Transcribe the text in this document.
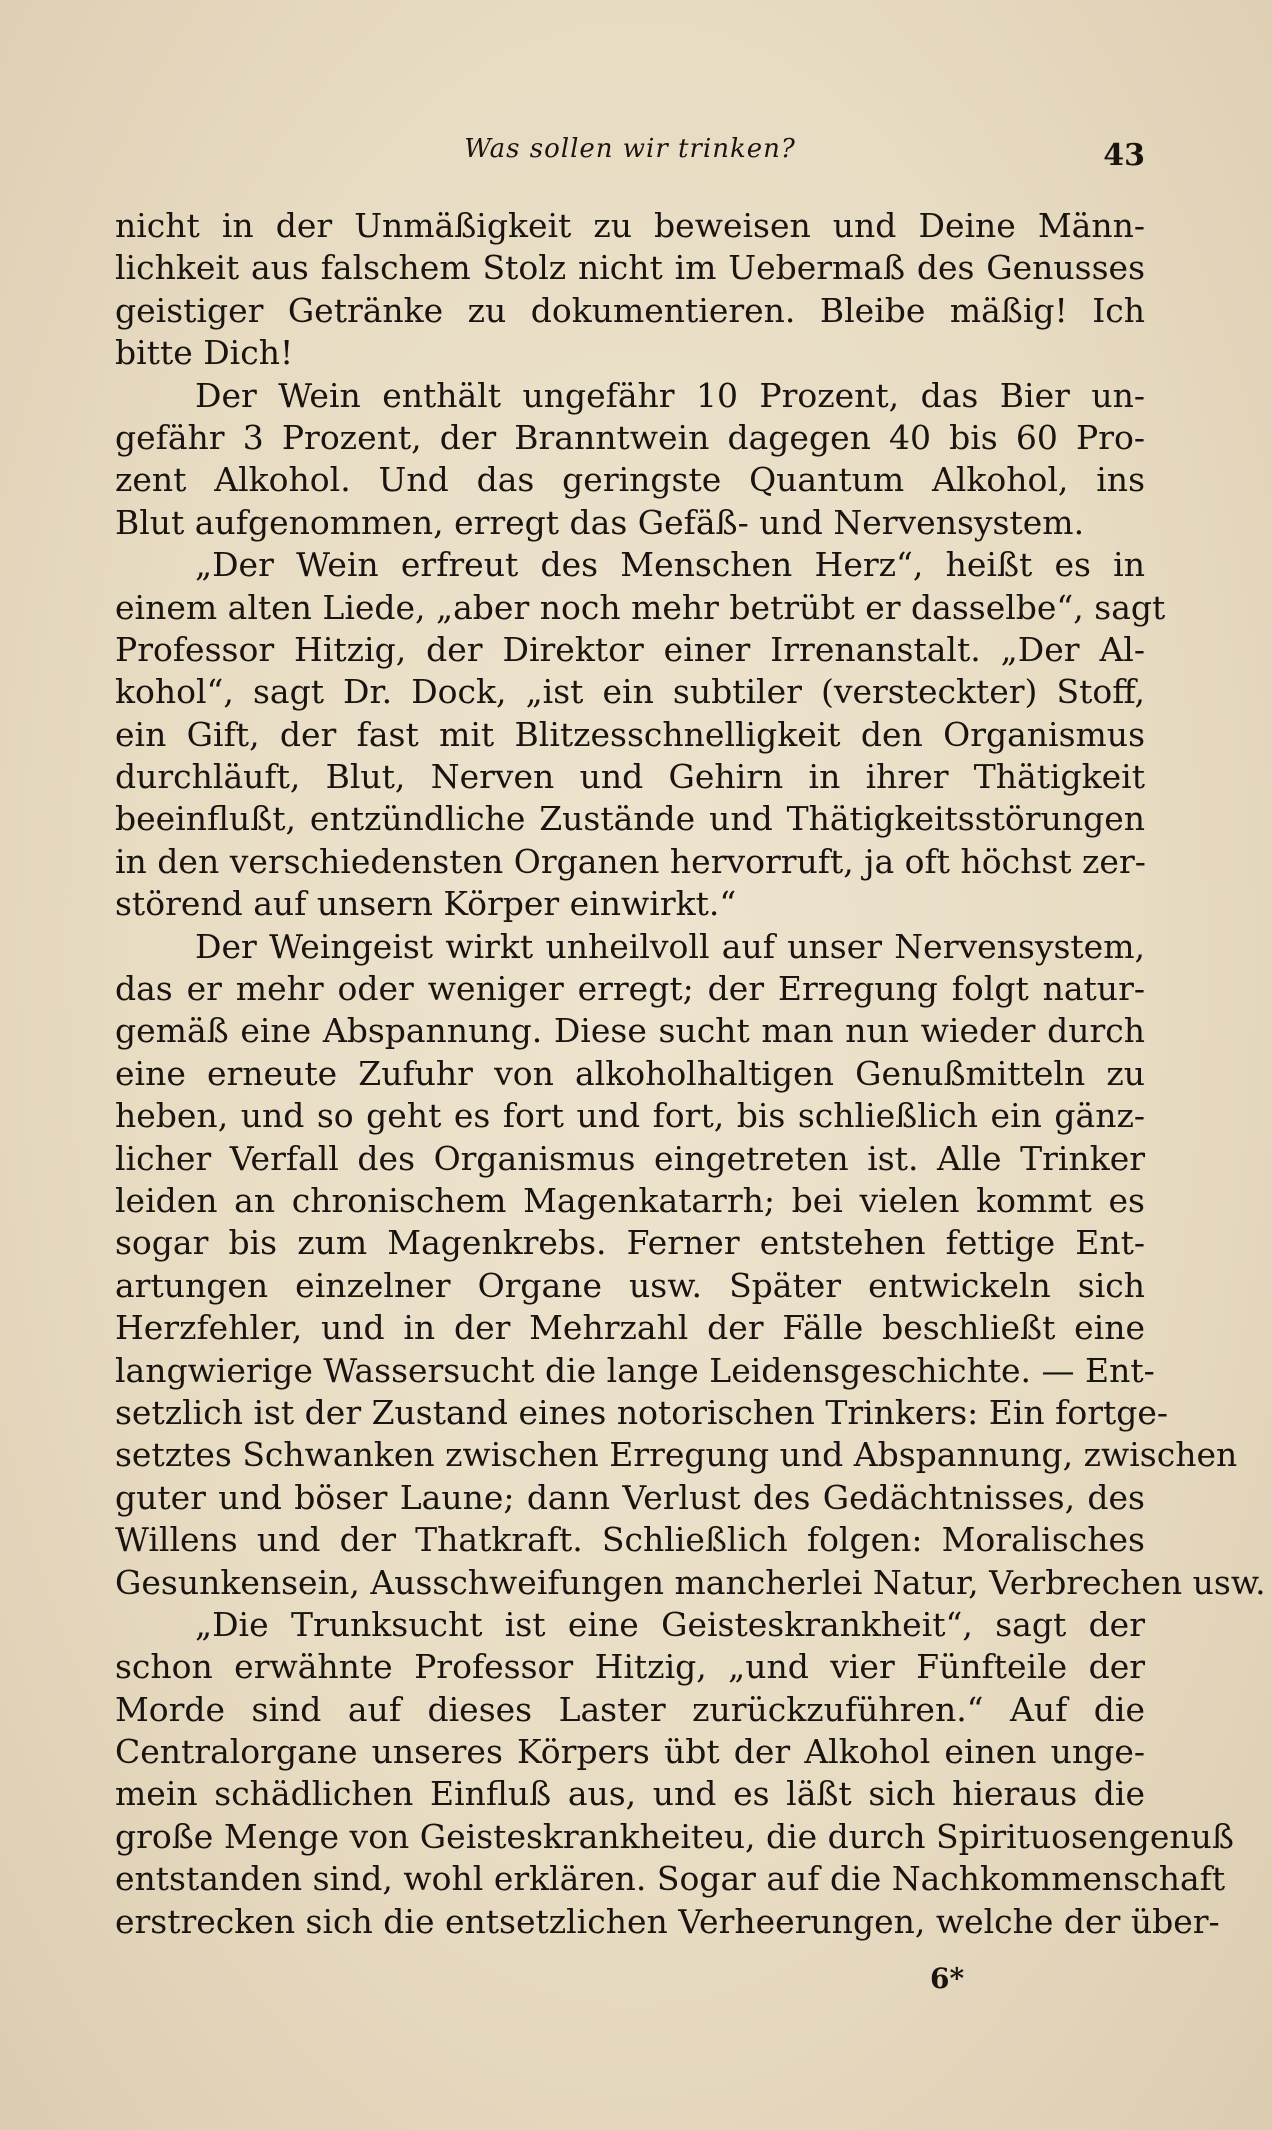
Was sollen wir trinken?	43
nicht in der Unmäßigkeit zu beweisen und Deine Männ-
lichkeit aus falschem Stolz nicht im Uebermaß des Genusses
geistiger Getränke zu dokumentieren. Bleibe mäßig! Ich
bitte Dich!
Der Wein enthält ungefähr 10 Prozent, das Bier un-
gefähr 3 Prozent, der Branntwein dagegen 40 bis 60 Pro-
zent Alkohol. Und das geringste Quantum Alkohol, ins
Blut aufgenommen, erregt das Gefäß- und Nervensystem.
„Der Wein erfreut des Menschen Herz“, heißt es in
einem alten Liede, „aber noch mehr betrübt er dasselbe“, sagt
Professor Hitzig, der Direktor einer Irrenanstalt. „Der Al-
kohol“, sagt Dr. Dock, „ist ein subtiler (versteckter) Stoff,
ein Gift, der fast mit Blitzesschnelligkeit den Organismus
durchläuft, Blut, Nerven und Gehirn in ihrer Thätigkeit
beeinflußt, entzündliche Zustände und Thätigkeitsstörungen
in den verschiedensten Organen hervorruft, ja oft höchst zer-
störend auf unsern Körper einwirkt.“
Der Weingeist wirkt unheilvoll auf unser Nervensystem,
das er mehr oder weniger erregt; der Erregung folgt natur-
gemäß eine Abspannung. Diese sucht man nun wieder durch
eine erneute Zufuhr von alkoholhaltigen Genußmitteln zu
heben, und so geht es fort und fort, bis schließlich ein gänz-
licher Verfall des Organismus eingetreten ist. Alle Trinker
leiden an chronischem Magenkatarrh; bei vielen kommt es
sogar bis zum Magenkrebs. Ferner entstehen fettige Ent-
artungen einzelner Organe usw. Später entwickeln sich
Herzfehler, und in der Mehrzahl der Fälle beschließt eine
langwierige Wassersucht die lange Leidensgeschichte. — Ent-
setzlich ist der Zustand eines notorischen Trinkers: Ein fortge-
setztes Schwanken zwischen Erregung und Abspannung, zwischen
guter und böser Laune; dann Verlust des Gedächtnisses, des
Willens und der Thatkraft. Schließlich folgen: Moralisches
Gesunkensein, Ausschweifungen mancherlei Natur, Verbrechen usw.
„Die Trunksucht ist eine Geisteskrankheit“, sagt der
schon erwähnte Professor Hitzig, „und vier Fünfteile der
Morde sind auf dieses Laster zurückzuführen.“ Auf die
Centralorgane unseres Körpers übt der Alkohol einen unge-
mein schädlichen Einfluß aus, und es läßt sich hieraus die
große Menge von Geisteskrankheiteu, die durch Spirituosengenuß
entstanden sind, wohl erklären. Sogar auf die Nachkommenschaft
erstrecken sich die entsetzlichen Verheerungen, welche der über-
6*
